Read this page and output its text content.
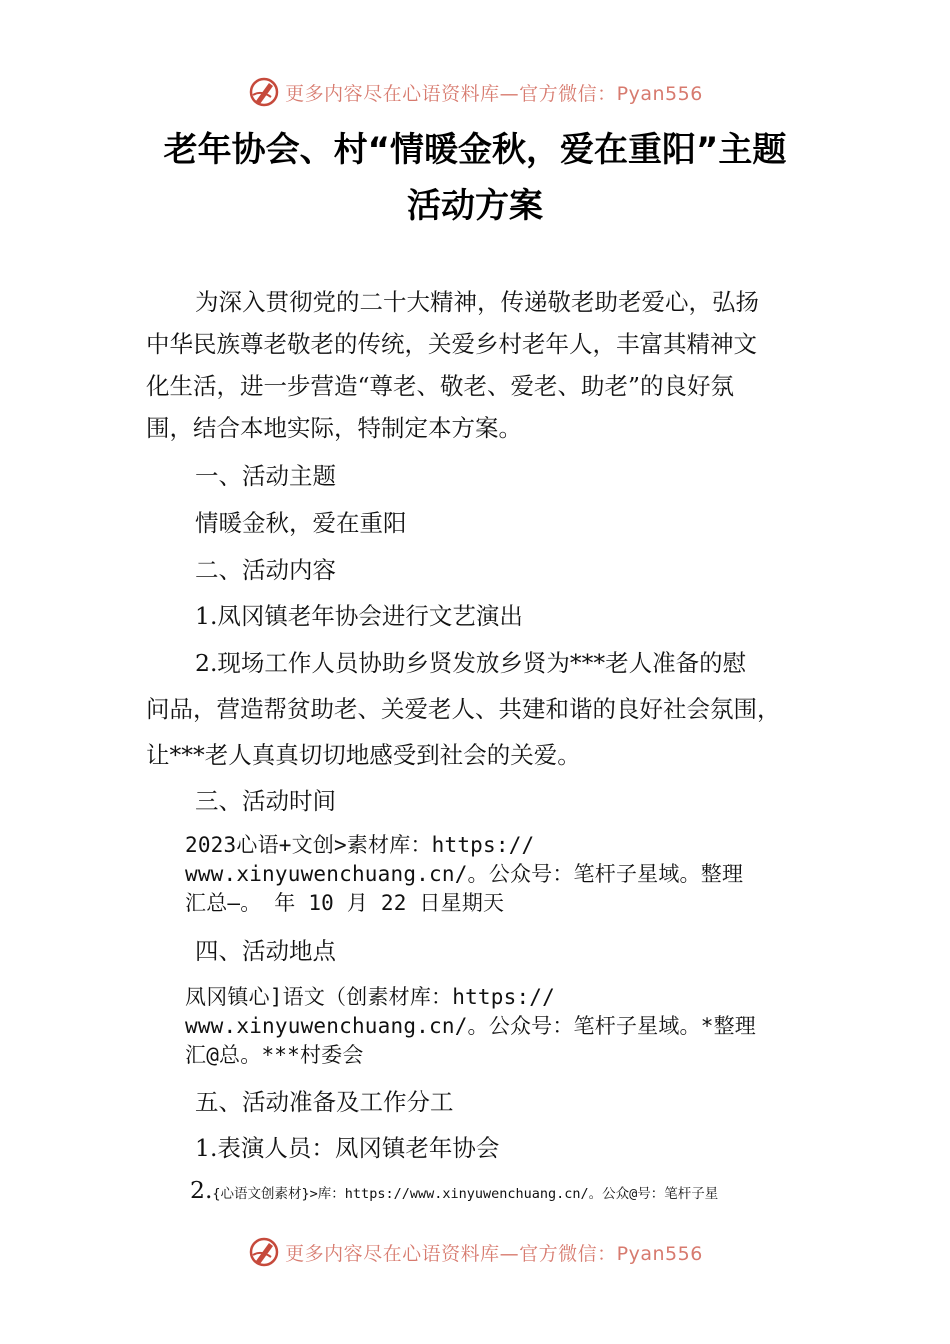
更多内容尽在心语资料库—官方微信：Pyan556
老年协会、村“情暖金秋，爱在重阳”主题
活动方案
为深入贯彻党的二十大精神，传递敬老助老爱心，弘扬
中华民族尊老敬老的传统，关爱乡村老年人，丰富其精神文
化生活，进一步营造“尊老、敬老、爱老、助老”的良好氛
围，结合本地实际，特制定本方案。
一、活动主题
情暖金秋，爱在重阳
二、活动内容
1.凤冈镇老年协会进行文艺演出
2.现场工作人员协助乡贤发放乡贤为***老人准备的慰
问品，营造帮贫助老、关爱老人、共建和谐的良好社会氛围，
让***老人真真切切地感受到社会的关爱。
三、活动时间
2023心语+文创>素材库：https://
www.xinyuwenchuang.cn/。公众号：笔杆子星域。整理
汇总—。 年 10 月 22 日星期天
四、活动地点
凤冈镇心]语文（创素材库：https://
www.xinyuwenchuang.cn/。公众号：笔杆子星域。*整理
汇@总。***村委会
五、活动准备及工作分工
1.表演人员：凤冈镇老年协会
2.{心语文创素材}>库：https://www.xinyuwenchuang.cn/。公众@号：笔杆子星
更多内容尽在心语资料库—官方微信：Pyan556
